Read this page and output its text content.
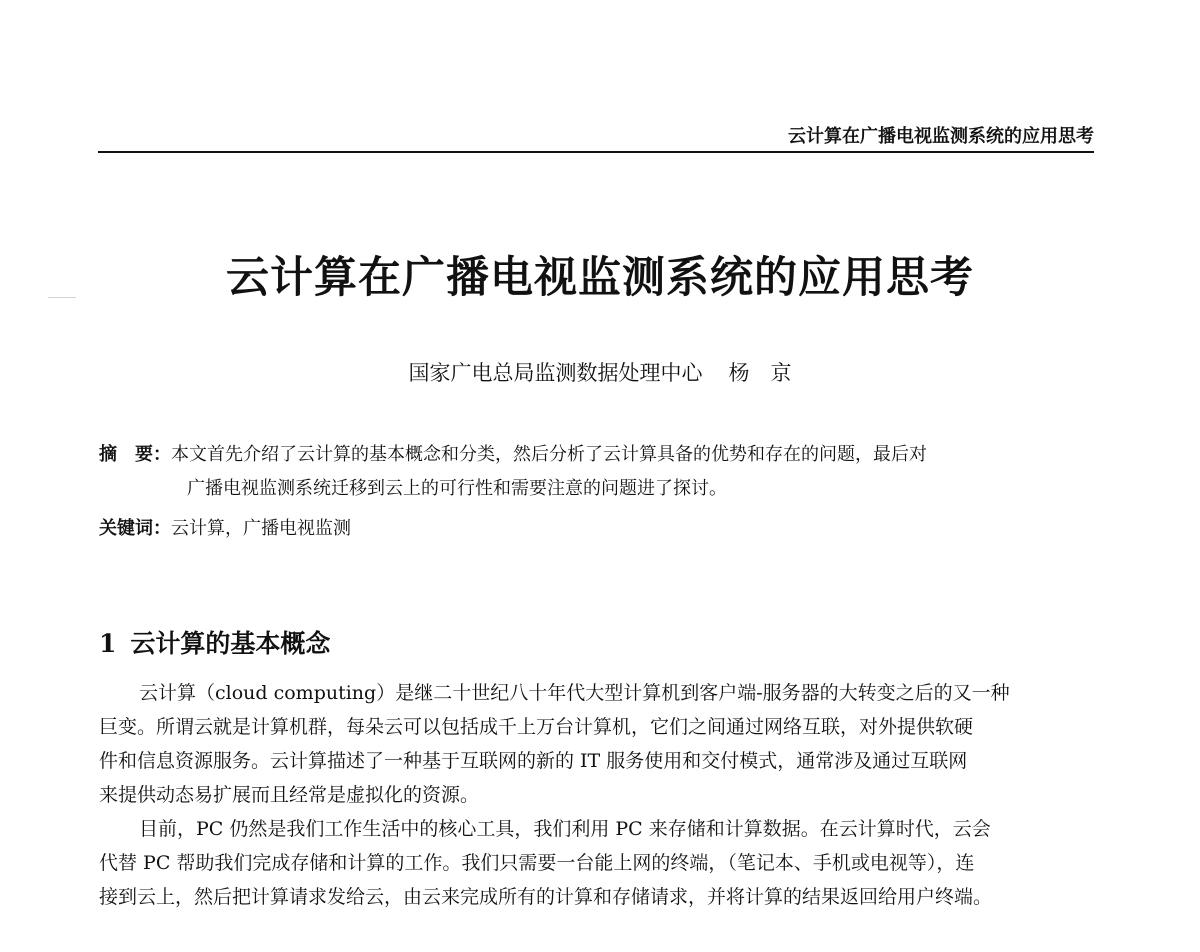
云计算在广播电视监测系统的应用思考
云计算在广播电视监测系统的应用思考
国家广电总局监测数据处理中心 杨　京
摘　要：本文首先介绍了云计算的基本概念和分类，然后分析了云计算具备的优势和存在的问题，最后对
广播电视监测系统迁移到云上的可行性和需要注意的问题进了探讨。
关键词：云计算，广播电视监测
1 云计算的基本概念
云计算（cloud computing）是继二十世纪八十年代大型计算机到客户端-服务器的大转变之后的又一种
巨变。所谓云就是计算机群，每朵云可以包括成千上万台计算机，它们之间通过网络互联，对外提供软硬
件和信息资源服务。云计算描述了一种基于互联网的新的 IT 服务使用和交付模式，通常涉及通过互联网
来提供动态易扩展而且经常是虚拟化的资源。
目前，PC 仍然是我们工作生活中的核心工具，我们利用 PC 来存储和计算数据。在云计算时代，云会
代替 PC 帮助我们完成存储和计算的工作。我们只需要一台能上网的终端，（笔记本、手机或电视等），连
接到云上，然后把计算请求发给云，由云来完成所有的计算和存储请求，并将计算的结果返回给用户终端。
